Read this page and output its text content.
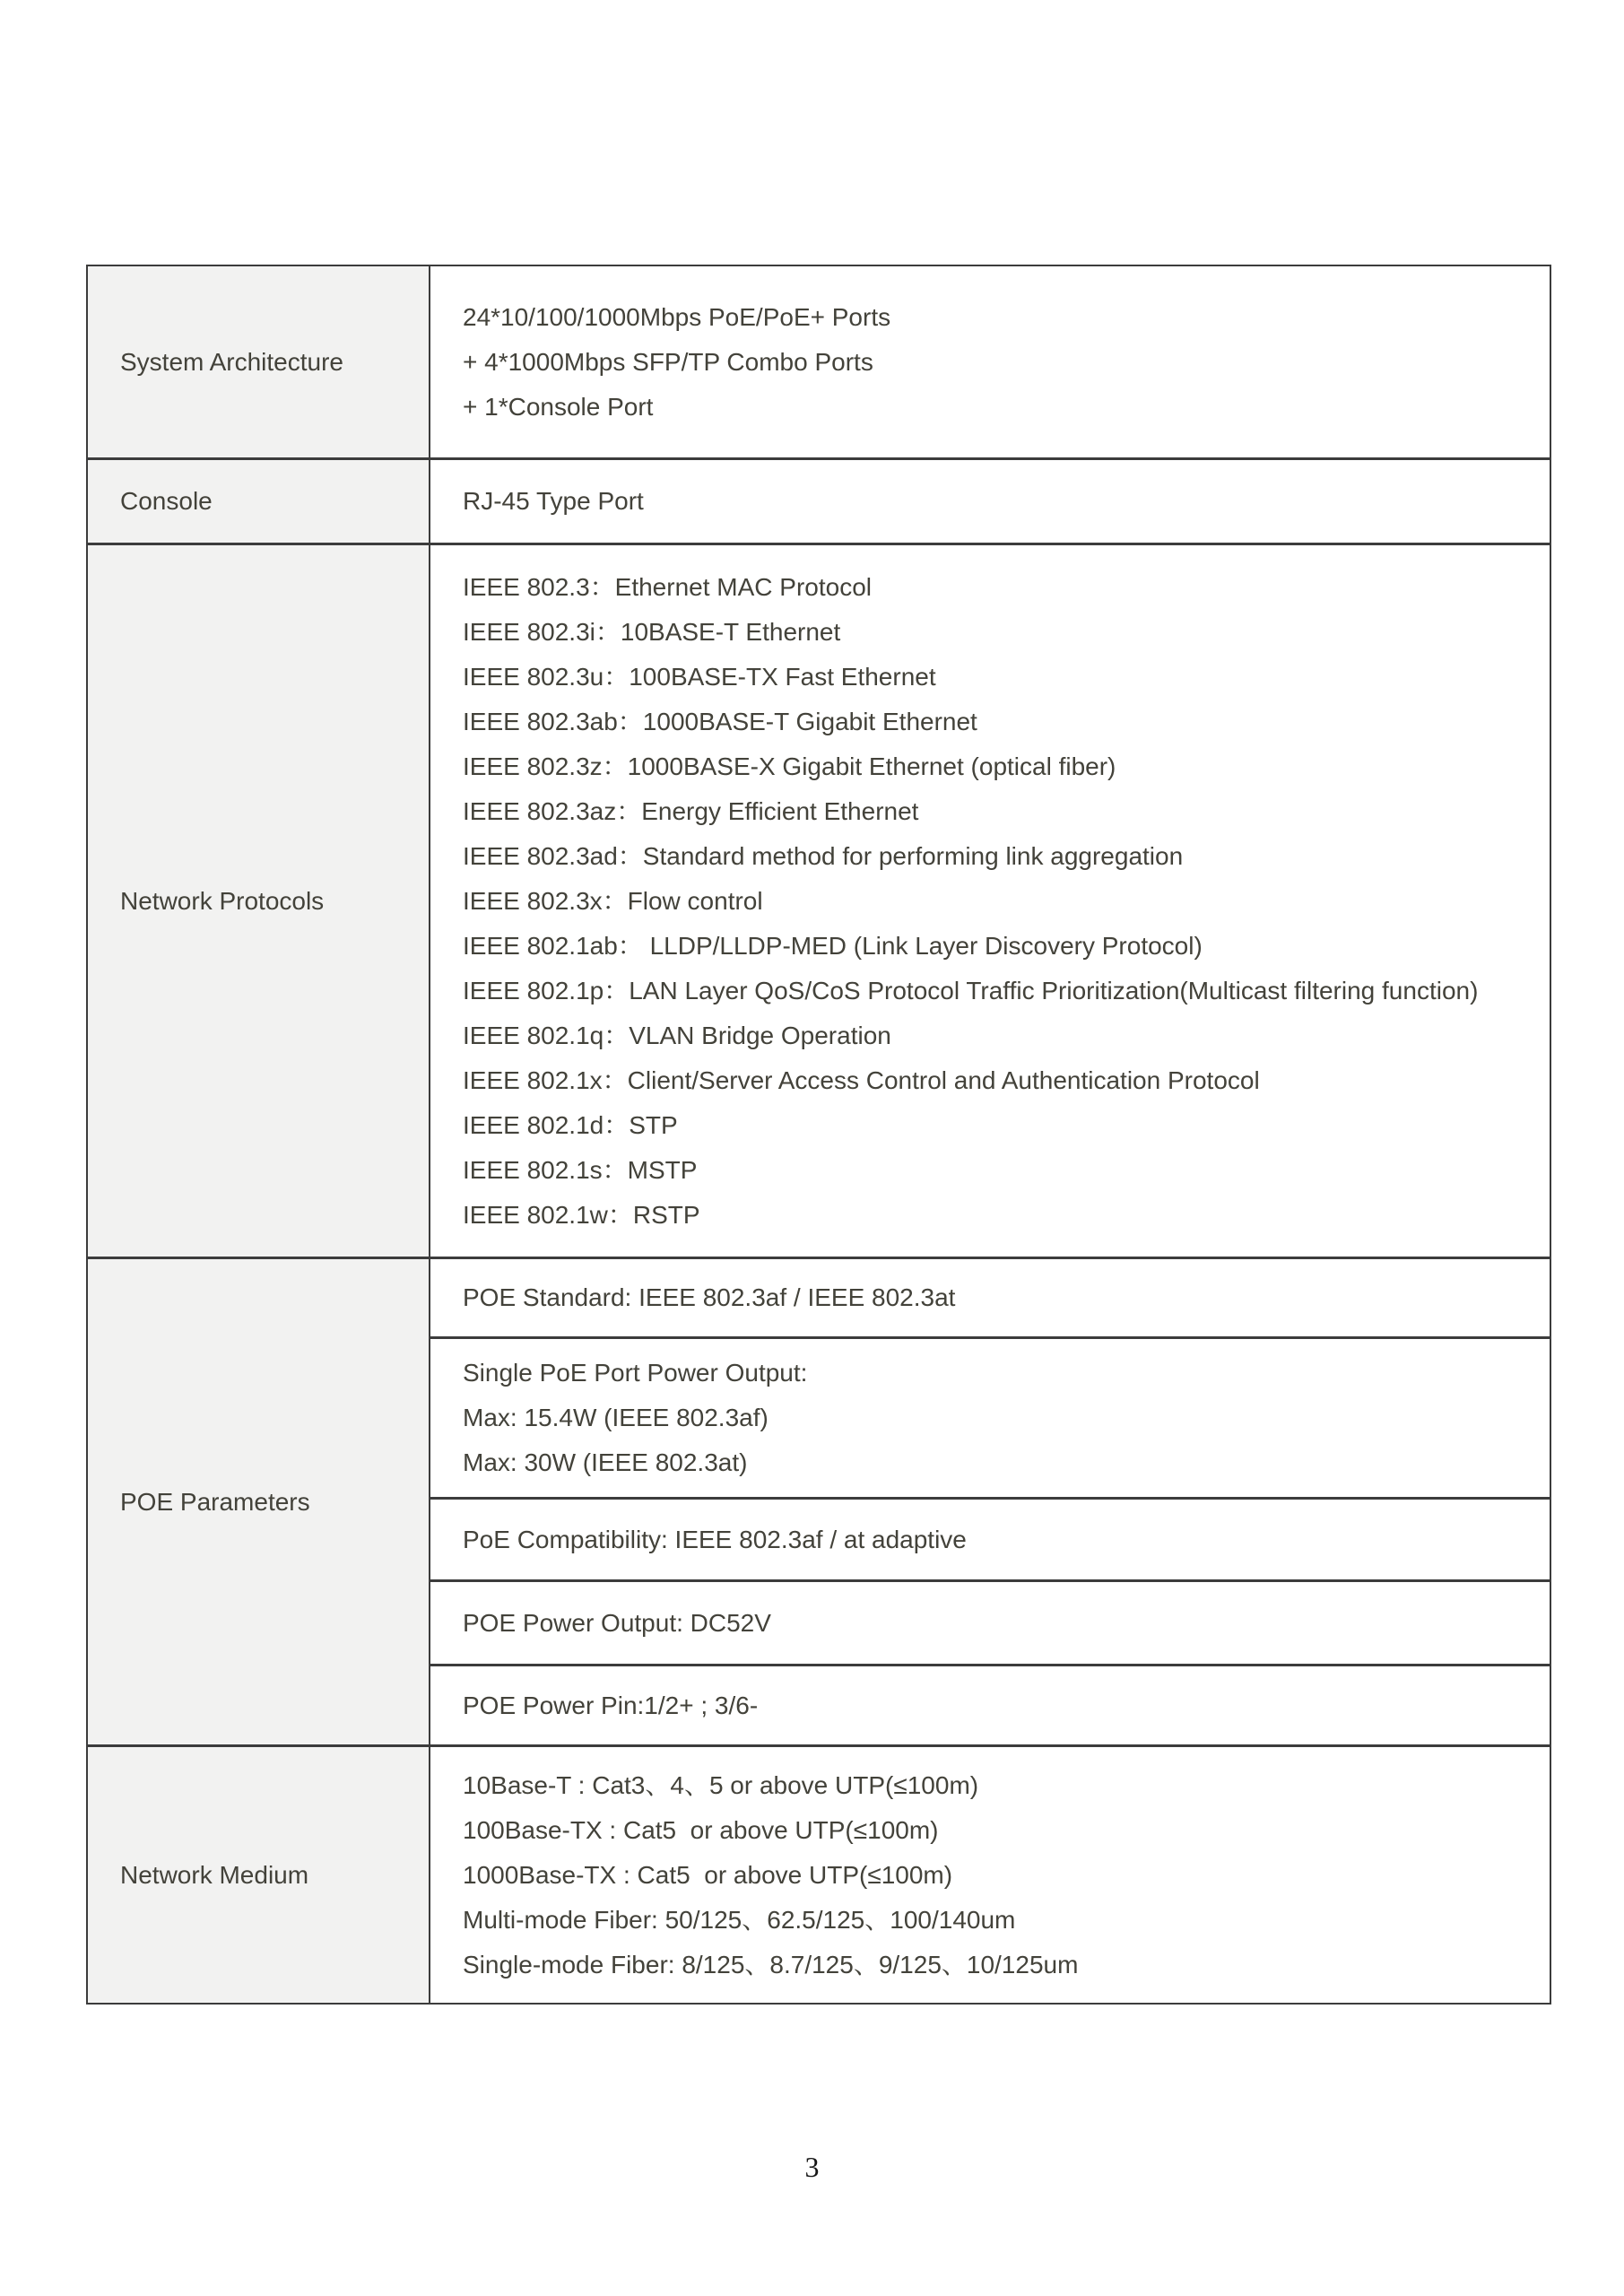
System Architecture
24*10/100/1000Mbps PoE/PoE+ Ports
+ 4*1000Mbps SFP/TP Combo Ports
+ 1*Console Port
Console	RJ-45 Type Port
Network Protocols
IEEE 802.3：Ethernet MAC Protocol
IEEE 802.3i：10BASE-T Ethernet
IEEE 802.3u：100BASE-TX Fast Ethernet
IEEE 802.3ab：1000BASE-T Gigabit Ethernet
IEEE 802.3z：1000BASE-X Gigabit Ethernet (optical fiber)
IEEE 802.3az：Energy Efficient Ethernet
IEEE 802.3ad：Standard method for performing link aggregation
IEEE 802.3x：Flow control
IEEE 802.1ab： LLDP/LLDP-MED (Link Layer Discovery Protocol)
IEEE 802.1p：LAN Layer QoS/CoS Protocol Traffic Prioritization(Multicast filtering function)
IEEE 802.1q：VLAN Bridge Operation
IEEE 802.1x：Client/Server Access Control and Authentication Protocol
IEEE 802.1d：STP
IEEE 802.1s：MSTP
IEEE 802.1w：RSTP
POE Parameters
POE Standard: IEEE 802.3af / IEEE 802.3at
Single PoE Port Power Output:
Max: 15.4W (IEEE 802.3af)
Max: 30W (IEEE 802.3at)
PoE Compatibility: IEEE 802.3af / at adaptive
POE Power Output: DC52V
POE Power Pin:1/2+ ; 3/6-
Network Medium
10Base-T : Cat3、4、5 or above UTP(≤100m)
100Base-TX : Cat5  or above UTP(≤100m)
1000Base-TX : Cat5  or above UTP(≤100m)
Multi-mode Fiber: 50/125、62.5/125、100/140um
Single-mode Fiber: 8/125、8.7/125、9/125、10/125um
3
